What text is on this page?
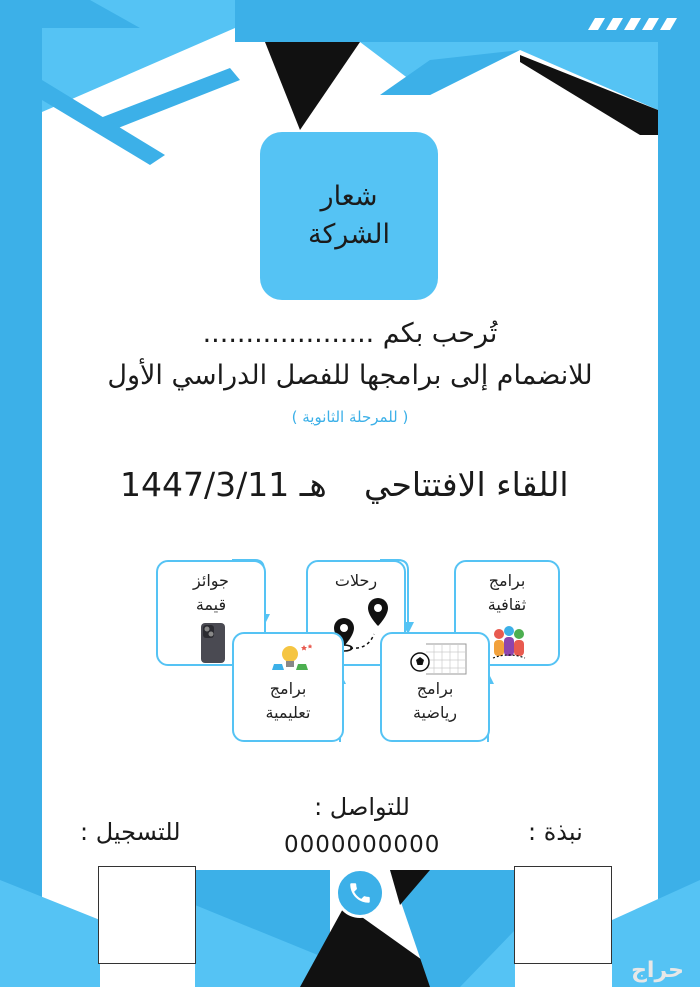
شعار
الشركة
تُرحب بكم ....................
للانضمام إلى برامجها للفصل الدراسي الأول
( للمرحلة الثانوية )
اللقاء الافتتاحي
1447/3/11 هـ
جوائز
قيمة
رحلات	برامج
ثقافية
برامج
تعليمية
برامج
رياضية
للتواصل :
0000000000
للتسجيل :	نبذة :
حراج
